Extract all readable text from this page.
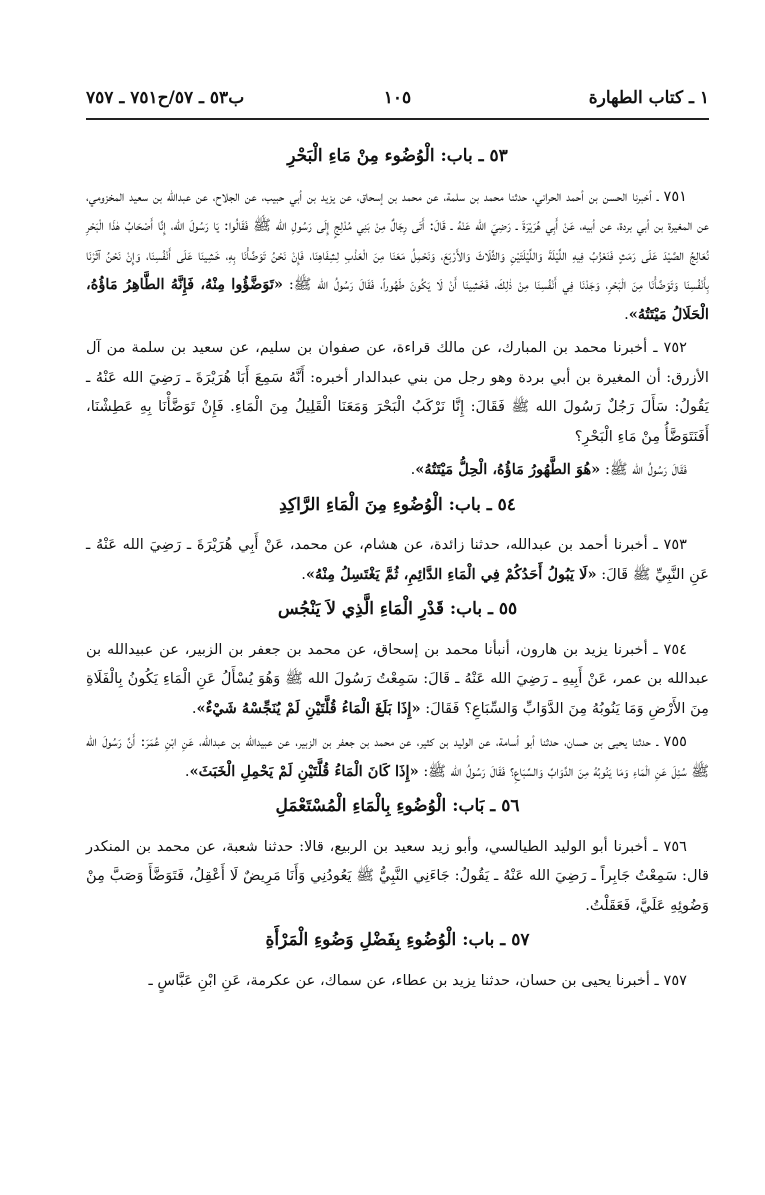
١ ـ كتاب الطهارة
١٠٥
ب٥٣ ـ ٥٧/ح٧٥١ ـ ٧٥٧
٥٣ ـ باب: الْوُضُوء مِنْ مَاءِ الْبَحْرِ

٧٥١ ـ أخبرنا الحسن بن أحمد الحراني، حدثنا محمد بن سلمة، عن محمد بن إسحاق، عن يزيد بن أبي حبيب، عن الجلاح، عن عبدالله بن سعيد المخزومي، عن المغيرة بن أبي بردة، عن أبيه، عَنْ أَبِي هُرَيْرَةَ ـ رَضِيَ الله عَنْهُ ـ قَالَ: أَتَى رِجَالٌ مِنْ بَنِي مُدْلِجٍ إِلَى رَسُولِ الله ﷺ فَقَالُوا: يَا رَسُولَ الله، إِنَّا أَصْحَابُ هٰذَا الْبَحْرِ نُعَالِجُ الصَّيْدَ عَلَى رَمَثٍ فَنَعْزُبُ فِيهِ اللَّيْلَةَ وَاللَّيْلَتَيْنِ وَالثَّلَاثَ وَالأَرْبَعَ، وَنَحْمِلُ مَعَنَا مِنَ الْعَذْبِ لِشِفَاهِنَا، فَإِنْ نَحْنُ تَوَضَّأْنَا بِهِ، خَشِينَا عَلَى أَنْفُسِنَا، وَإِنْ نَحْنُ آثَرْنَا بِأَنْفُسِنَا وَتَوَضَّأْنَا مِنَ الْبَحْرِ، وَجَدْنَا فِي أَنْفُسِنَا مِنْ ذٰلِكَ، فَخَشِينَا أَنْ لَا يَكُونَ طَهُوراً، فَقَالَ رَسُولُ الله ﷺ: «تَوَضَّؤُوا مِنْهُ، فَإِنَّهُ الطَّاهِرُ مَاؤُهُ، الْحَلَالُ مَيْتَتُهُ».

٧٥٢ ـ أخبرنا محمد بن المبارك، عن مالك قراءة، عن صفوان بن سليم، عن سعيد بن سلمة من آل الأزرق: أن المغيرة بن أبي بردة وهو رجل من بني عبدالدار أخبره: أَنَّهُ سَمِعَ أَبَا هُرَيْرَةَ ـ رَضِيَ الله عَنْهُ ـ يَقُولُ: سَأَلَ رَجُلٌ رَسُولَ الله ﷺ فَقَالَ: إِنَّا نَرْكَبُ الْبَحْرَ وَمَعَنَا الْقَلِيلُ مِنَ الْمَاءِ. فَإِنْ تَوَضَّأْنَا بِهِ عَطِشْنَا، أَفَنَتَوَضَّأُ مِنْ مَاءِ الْبَحْرِ؟

فَقَالَ رَسُولُ الله ﷺ: «هُوَ الطَّهُورُ مَاؤُهُ، الْحِلُّ مَيْتَتُهُ».

٥٤ ـ باب: الْوُضُوءِ مِنَ الْمَاءِ الرَّاكِدِ

٧٥٣ ـ أخبرنا أحمد بن عبدالله، حدثنا زائدة، عن هشام، عن محمد، عَنْ أَبِي هُرَيْرَةَ ـ رَضِيَ الله عَنْهُ ـ عَنِ النَّبِيِّ ﷺ قَالَ: «لَا يَبُولُ أَحَدُكُمْ فِي الْمَاءِ الدَّائِمِ، ثُمَّ يَغْتَسِلُ مِنْهُ».

٥٥ ـ باب: قَدْرِ الْمَاءِ الَّذِي لاَ يَنْجُس

٧٥٤ ـ أخبرنا يزيد بن هارون، أنبأنا محمد بن إسحاق، عن محمد بن جعفر بن الزبير، عن عبيدالله بن عبدالله بن عمر، عَنْ أَبِيهِ ـ رَضِيَ الله عَنْهُ ـ قَالَ: سَمِعْتُ رَسُولَ الله ﷺ وَهُوَ يُسْأَلُ عَنِ الْمَاءِ يَكُونُ بِالْفَلَاةِ مِنَ الأَرْضِ وَمَا يَنُوبُهُ مِنَ الدَّوَابِّ وَالسِّبَاعِ؟ فَقَالَ: «إِذَا بَلَغَ الْمَاءُ قُلَّتَيْنِ لَمْ يُنَجِّسْهُ شَيْءٌ».

٧٥٥ ـ حدثنا يحيى بن حسان، حدثنا أبو أسامة، عن الوليد بن كثير، عن محمد بن جعفر بن الزبير، عن عبيدالله بن عبدالله، عَنِ ابْنِ عُمَرَ: أَنَّ رَسُولَ الله ﷺ سُئِلَ عَنِ الْمَاءِ وَمَا يَنُوبُهُ مِنَ الدَّوَابِّ وَالسِّبَاعِ؟ فَقَالَ رَسُولُ الله ﷺ: «إِذَا كَانَ الْمَاءُ قُلَّتَيْنِ لَمْ يَحْمِلِ الْخَبَثَ».

٥٦ ـ بَاب: الْوُضُوءِ بِالْمَاءِ الْمُسْتَعْمَلِ

٧٥٦ ـ أخبرنا أبو الوليد الطيالسي، وأبو زيد سعيد بن الربيع، قالا: حدثنا شعبة، عن محمد بن المنكدر قال: سَمِعْتُ جَابِراً ـ رَضِيَ الله عَنْهُ ـ يَقُولُ: جَاءَنِي النَّبِيُّ ﷺ يَعُودُنِي وَأَنَا مَرِيضٌ لَا أَعْقِلُ، فَتَوَضَّأَ وَصَبَّ مِنْ وَضُوئِهِ عَلَيَّ، فَعَقَلْتُ.

٥٧ ـ باب: الْوُضُوءِ بِفَضْلِ وَضُوءِ الْمَرْأَةِ

٧٥٧ ـ أخبرنا يحيى بن حسان، حدثنا يزيد بن عطاء، عن سماك، عن عكرمة، عَنِ ابْنِ عَبَّاسٍ ـ
